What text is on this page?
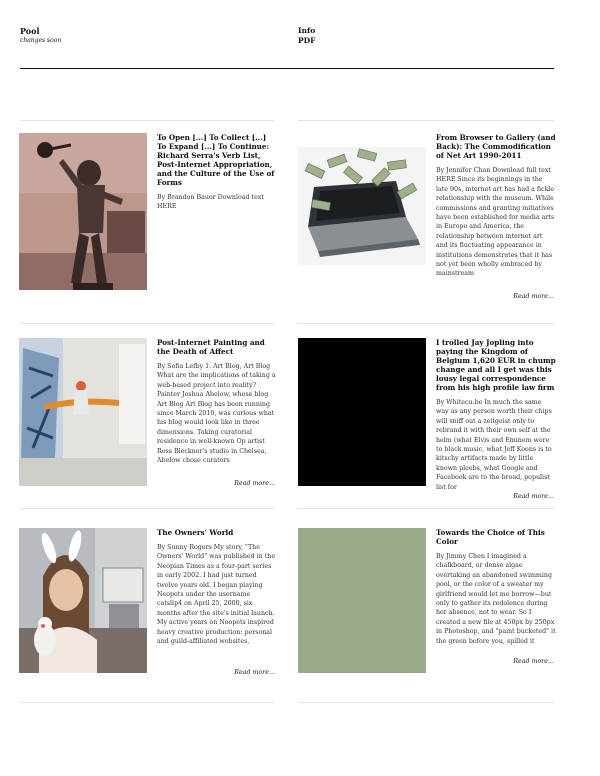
Pool
changes soon
Info
PDF
To Open [...] To Collect [...] To Expand [...] To Continue: Richard Serra's Verb List, Post-Internet Appropriation, and the Culture of the Use of Forms

By Brandon Bauer Download text HERE

From Browser to Gallery (and Back): The Commodification of Net Art 1990-2011

By Jennifer Chan Download full text HERE Since its beginnings in the late 90s, internet art has had a fickle relationship with the museum. While commissions and granting initiatives have been established for media arts in Europe and America, the relationship between internet art and its fluctuating appearance in institutions demonstrates that it has not yet been wholly embraced by mainstream

Read more...
Post-Internet Painting and the Death of Affect

By Sofia Lefby 1. Art Blog, Art Blog What are the implications of taking a web-based project into reality? Painter Joshua Abelow, whose blog Art Blog Art Blog has been running since March 2010, was curious what his blog would look like in three dimensions. Taking curatorial residence in well-known Op artist Ross Bleckner's studio in Chelsea, Abelow chose curators

Read more...
I trolled Jay Jopling into paying the Kingdom of Belgium 1,620 EUR in chump change and all I get was this lousy legal correspondence from his high profile law firm

By Whitecu.be In much the same way as any person worth their chips will sniff out a zeitgeist only to rebrand it with their own self at the helm (what Elvis and Eminem were to black music, what Jeff Koons is to kitschy artifacts made by little known pleebs, what Google and Facebook are to the broad, populist list for

Read more...
The Owners' World

By Sunny Rogers My story, "The Owners' World" was published in the Neopian Times as a four-part series in early 2002. I had just turned twelve years old. I began playing Neopets under the username catslip4 on April 25, 2000, six months after the site's initial launch. My active years on Neopets inspired heavy creative production: personal and guild-affiliated websites,

Read more...
Towards the Choice of This Color

By Jimmy Chen I imagined a chalkboard, or dense algae overtaking an abandoned swimming pool, or the color of a sweater my girlfriend would let me borrow—but only to gather its redolence during her absence, not to wear. So I created a new file at 450px by 250px in Photoshop, and "paint bucketed" it the green before you, spilled it

Read more...
